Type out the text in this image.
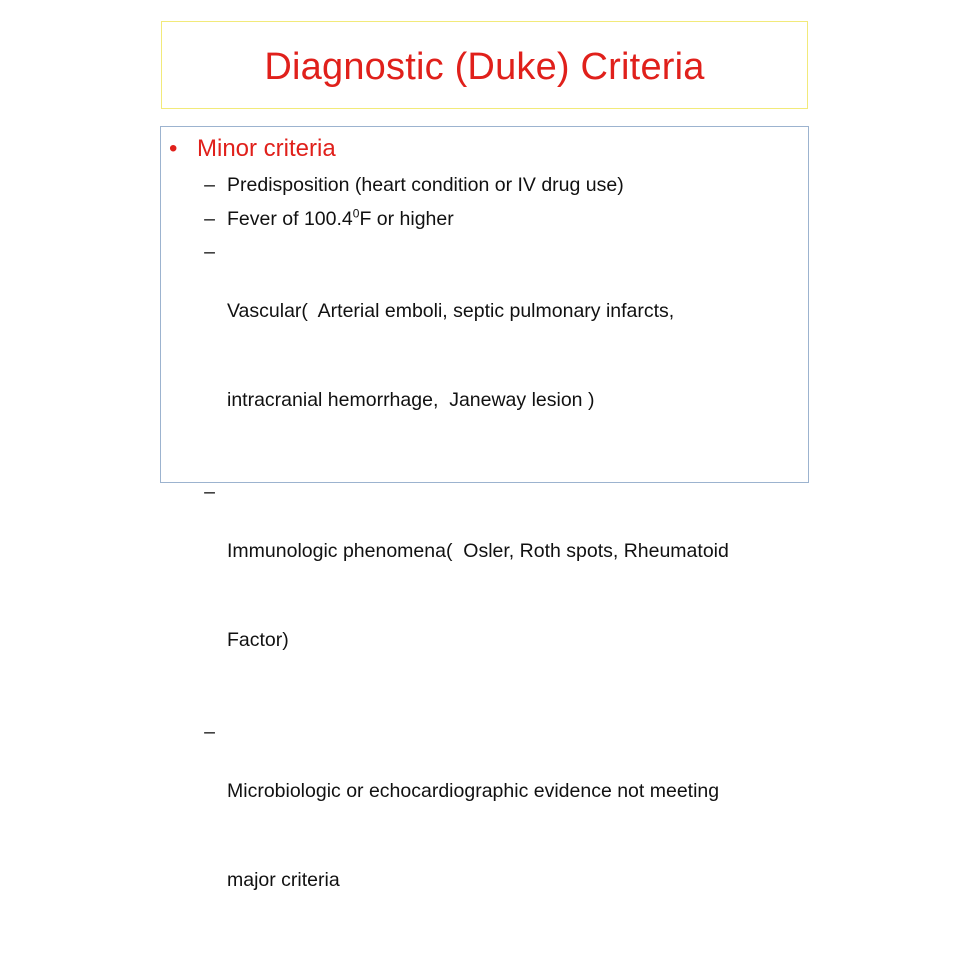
Diagnostic (Duke) Criteria
• Minor criteria
– Predisposition (heart condition or IV drug use)
– Fever of 100.4$^0$F or higher
–

Vascular(  Arterial emboli, septic pulmonary infarcts,

intracranial hemorrhage,  Janeway lesion )

–

Immunologic phenomena(  Osler, Roth spots, Rheumatoid

Factor)

–

Microbiologic or echocardiographic evidence not meeting

major criteria
